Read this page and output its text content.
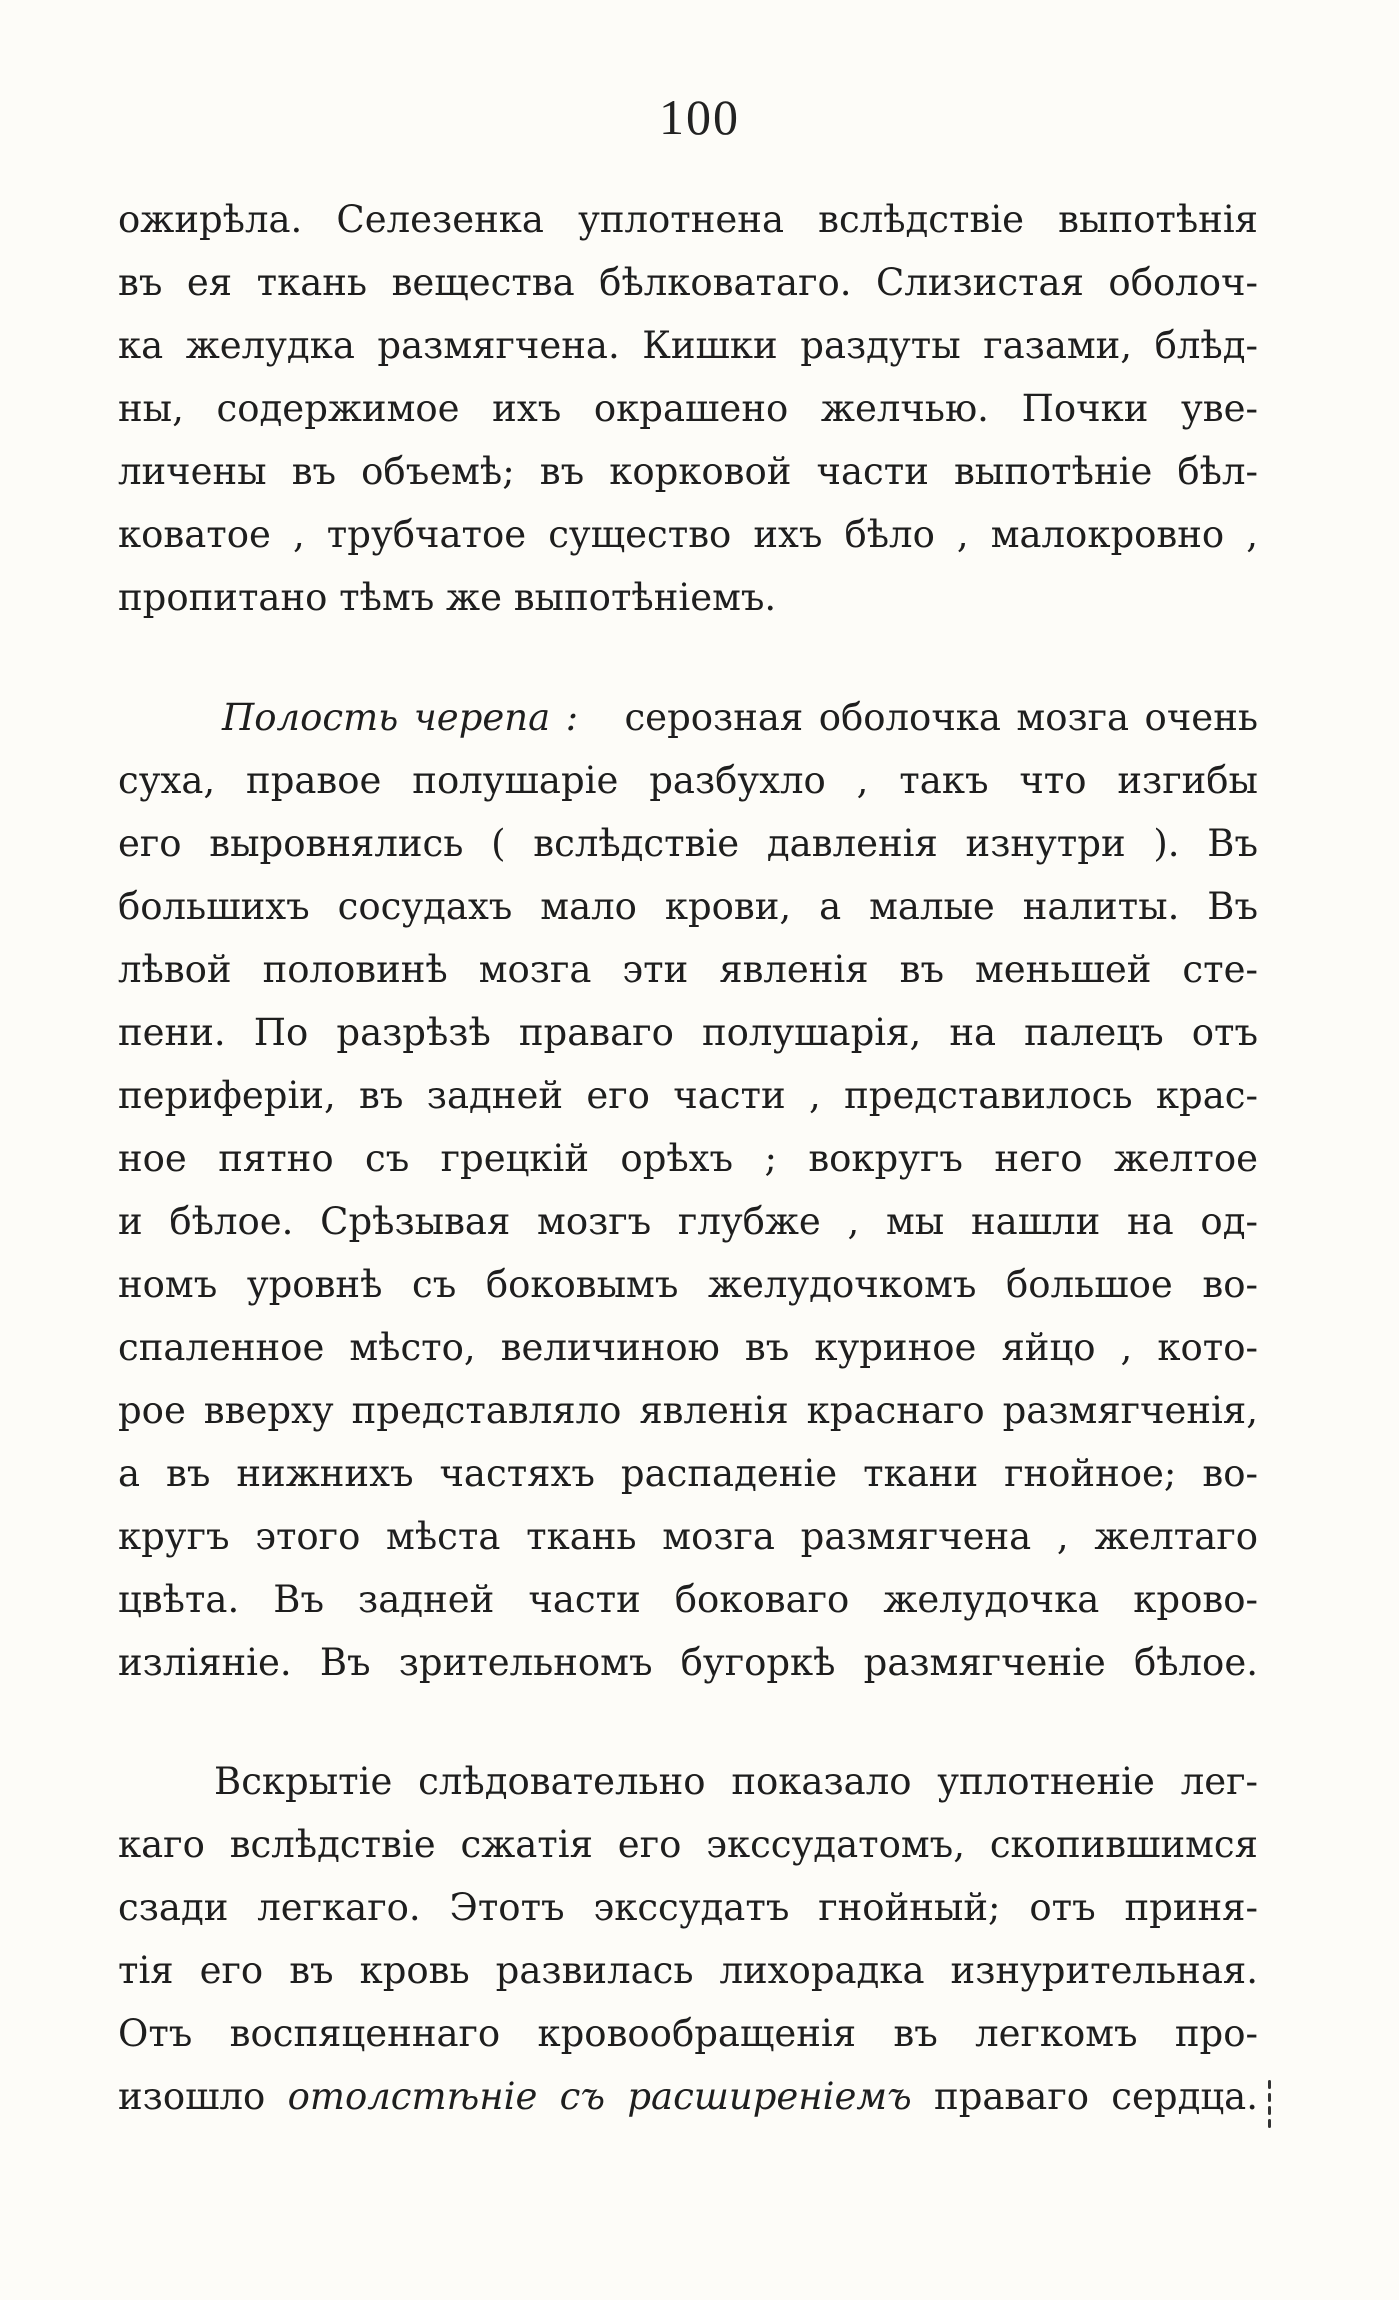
100
ожирѣла. Селезенка уплотнена вслѣдствіе выпотѣнія
въ ея ткань вещества бѣлковатаго. Слизистая оболоч-
ка желудка размягчена. Кишки раздуты газами, блѣд-
ны, содержимое ихъ окрашено желчью. Почки уве-
личены въ объемѣ; въ корковой части выпотѣніе бѣл-
коватое , трубчатое существо ихъ бѣло , малокровно ,
пропитано тѣмъ же выпотѣніемъ.
Полость черепа : серозная оболочка мозга очень
суха, правое полушаріе разбухло , такъ что изгибы
его выровнялись ( вслѣдствіе давленія изнутри ). Въ
большихъ сосудахъ мало крови, а малые налиты. Въ
лѣвой половинѣ мозга эти явленія въ меньшей сте-
пени. По разрѣзѣ праваго полушарія, на палецъ отъ
периферіи, въ задней его части , представилось крас-
ное пятно съ грецкій орѣхъ ; вокругъ него желтое
и бѣлое. Срѣзывая мозгъ глубже , мы нашли на од-
номъ уровнѣ съ боковымъ желудочкомъ большое во-
спаленное мѣсто, величиною въ куриное яйцо , кото-
рое вверху представляло явленія краснаго размягченія,
а въ нижнихъ частяхъ распаденіе ткани гнойное; во-
кругъ этого мѣста ткань мозга размягчена , желтаго
цвѣта. Въ задней части боковаго желудочка крово-
изліяніе. Въ зрительномъ бугоркѣ размягченіе бѣлое.
Вскрытіе слѣдовательно показало уплотненіе лег-
каго вслѣдствіе сжатія его экссудатомъ, скопившимся
сзади легкаго. Этотъ экссудатъ гнойный; отъ приня-
тія его въ кровь развилась лихорадка изнурительная.
Отъ воспяценнаго кровообращенія въ легкомъ про-
изошло отолстѣніе съ расширеніемъ праваго сердца.
